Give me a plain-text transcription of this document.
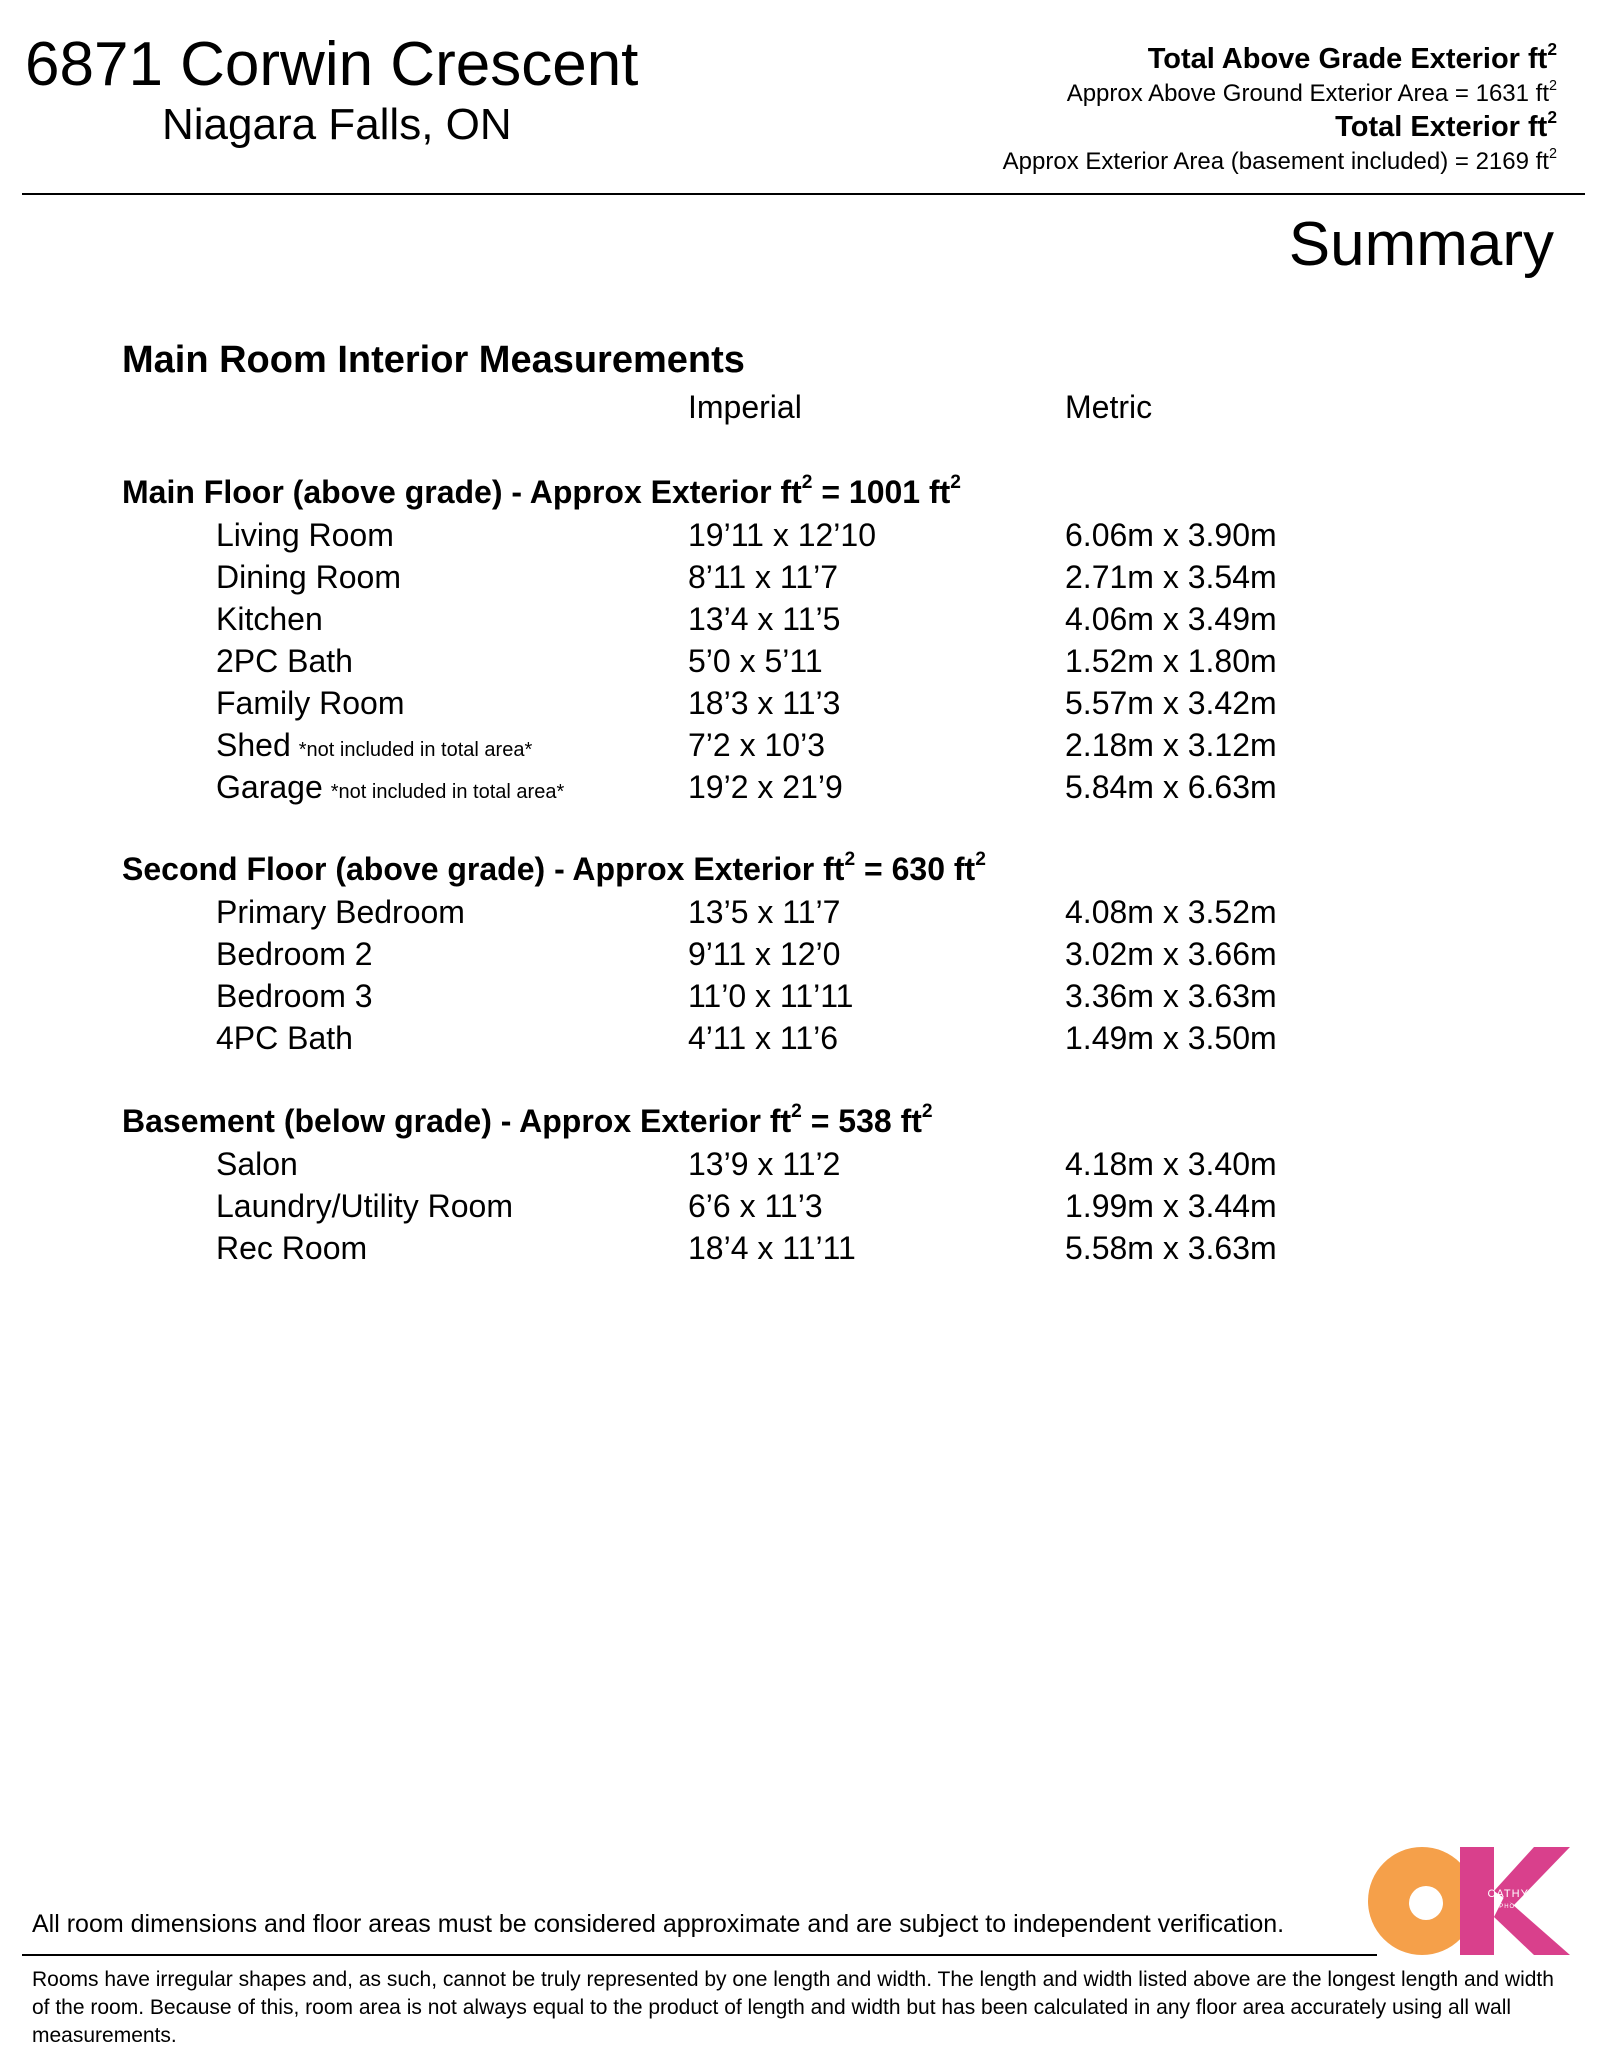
6871 Corwin Crescent
Niagara Falls, ON
Total Above Grade Exterior $ft^2$
Approx Above Ground Exterior Area = 1631 $ft^2$
Total Exterior $ft^2$
Approx Exterior Area (basement included) = 2169 $ft^2$
Summary
Main Room Interior Measurements
Imperial	Metric
Main Floor (above grade) - Approx Exterior $ft^2 = 1001$ $ft^2$
Living Room	19’11 x 12’10	6.06m x 3.90m
Dining Room	8’11 x 11’7	2.71m x 3.54m
Kitchen	13’4 x 11’5	4.06m x 3.49m
2PC Bath	5’0 x 5’11	1.52m x 1.80m
Family Room	18’3 x 11’3	5.57m x 3.42m
Shed *not included in total area*	7’2 x 10’3	2.18m x 3.12m
Garage *not included in total area*	19’2 x 21’9	5.84m x 6.63m
Second Floor (above grade) - Approx Exterior $ft^2 = 630$ $ft^2$
Primary Bedroom	13’5 x 11’7	4.08m x 3.52m
Bedroom 2	9’11 x 12’0	3.02m x 3.66m
Bedroom 3	11’0 x 11’11	3.36m x 3.63m
4PC Bath	4’11 x 11’6	1.49m x 3.50m
Basement (below grade) - Approx Exterior $ft^2 = 538$ $ft^2$
Salon	13’9 x 11’2	4.18m x 3.40m
Laundry/Utility Room	6’6 x 11’3	1.99m x 3.44m
Rec Room	18’4 x 11’11	5.58m x 3.63m
CATHY KOOP
PHOTOGRAPHY
All room dimensions and floor areas must be considered approximate and are subject to independent verification.
Rooms have irregular shapes and, as such, cannot be truly represented by one length and width. The length and width listed above are the longest length and width of the room. Because of this, room area is not always equal to the product of length and width but has been calculated in any floor area accurately using all wall measurements.
